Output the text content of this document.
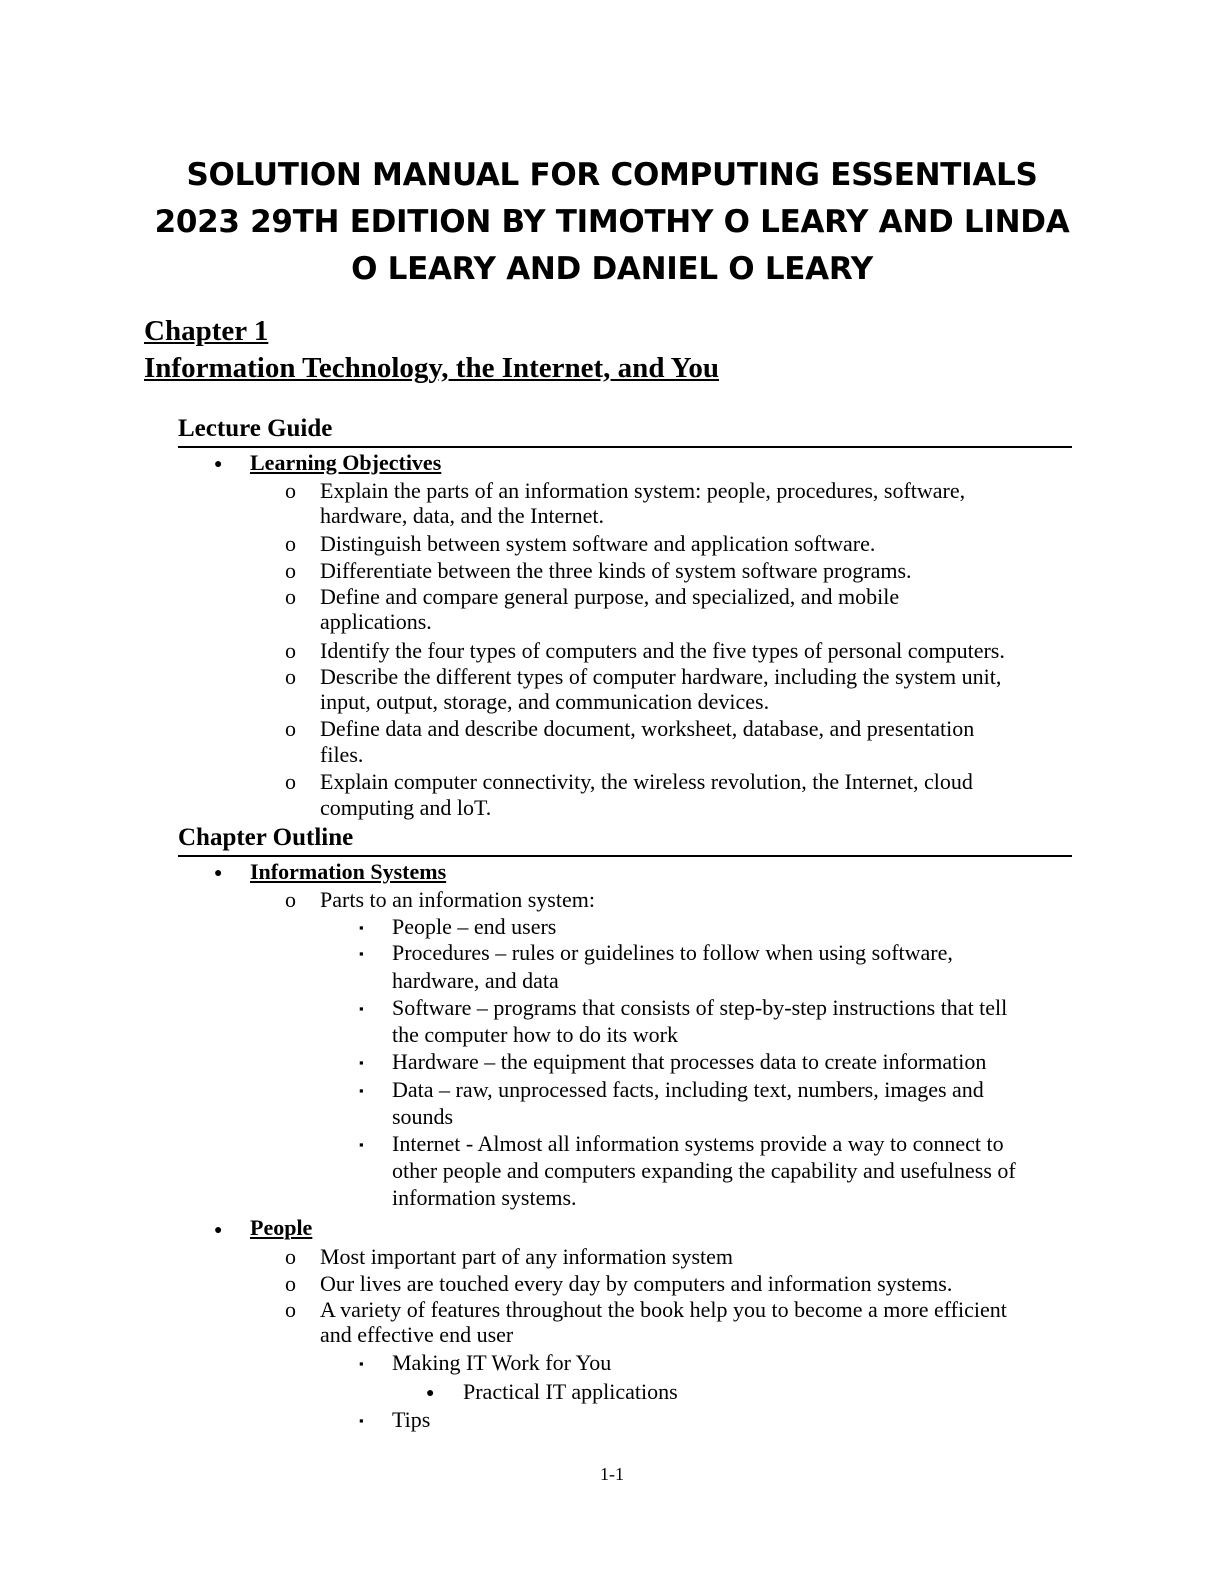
SOLUTION MANUAL FOR COMPUTING ESSENTIALS
2023 29TH EDITION BY TIMOTHY O LEARY AND LINDA
O LEARY AND DANIEL O LEARY
Chapter 1
Information Technology, the Internet, and You
Lecture Guide
● Learning Objectives
o Explain the parts of an information system: people, procedures, software,
hardware, data, and the Internet.
o Distinguish between system software and application software.
o Differentiate between the three kinds of system software programs.
o Define and compare general purpose, and specialized, and mobile
applications.
o Identify the four types of computers and the five types of personal computers.
o Describe the different types of computer hardware, including the system unit,
input, output, storage, and communication devices.
o Define data and describe document, worksheet, database, and presentation
files.
o Explain computer connectivity, the wireless revolution, the Internet, cloud
computing and loT.
Chapter Outline
● Information Systems
o Parts to an information system:
▪ People – end users
▪ Procedures – rules or guidelines to follow when using software,
hardware, and data
▪ Software – programs that consists of step-by-step instructions that tell
the computer how to do its work
▪ Hardware – the equipment that processes data to create information
▪ Data – raw, unprocessed facts, including text, numbers, images and
sounds
▪ Internet - Almost all information systems provide a way to connect to
other people and computers expanding the capability and usefulness of
information systems.
● People
o Most important part of any information system
o Our lives are touched every day by computers and information systems.
o A variety of features throughout the book help you to become a more efficient
and effective end user
▪ Making IT Work for You
● Practical IT applications
▪ Tips
1-1
